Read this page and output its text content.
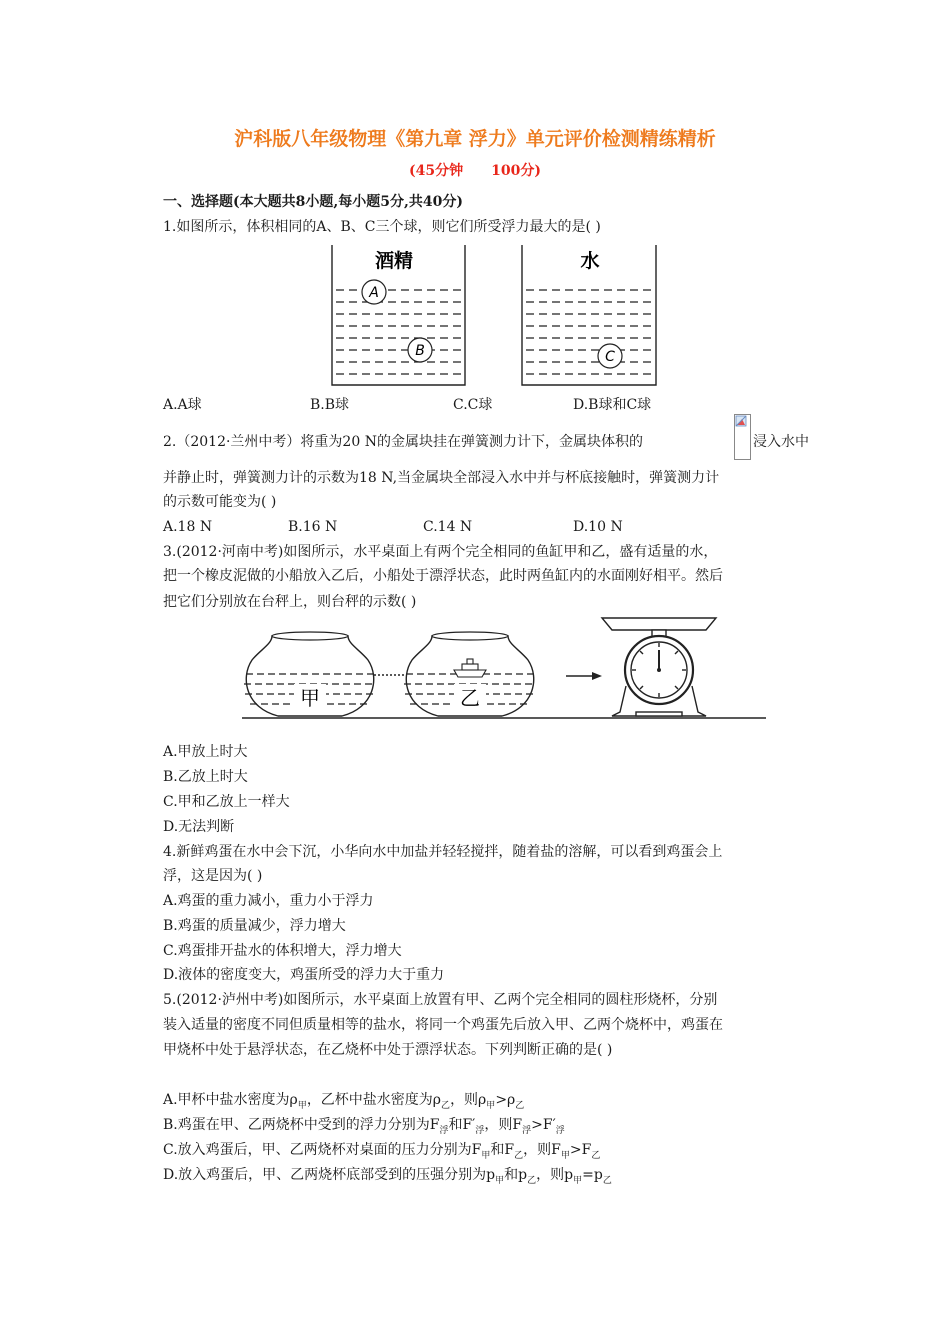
沪科版八年级物理《第九章 浮力》单元评价检测精练精析
(45分钟 100分)
一、选择题(本大题共8小题,每小题5分,共40分)
1.如图所示，体积相同的A、B、C三个球，则它们所受浮力最大的是( )
A
B	C
酒精	水
A.A球	B.B球	C.C球	D.B球和C球
2.（2012·兰州中考）将重为20 N的金属块挂在弹簧测力计下，金属块体积的	浸入水中
并静止时，弹簧测力计的示数为18 N,当金属块全部浸入水中并与杯底接触时，弹簧测力计
的示数可能变为( )
A.18 N	B.16 N	C.14 N	D.10 N
3.(2012·河南中考)如图所示，水平桌面上有两个完全相同的鱼缸甲和乙，盛有适量的水，
把一个橡皮泥做的小船放入乙后，小船处于漂浮状态，此时两鱼缸内的水面刚好相平。然后
把它们分别放在台秤上，则台秤的示数( )
甲	乙
A.甲放上时大
B.乙放上时大
C.甲和乙放上一样大
D.无法判断
4.新鲜鸡蛋在水中会下沉，小华向水中加盐并轻轻搅拌，随着盐的溶解，可以看到鸡蛋会上
浮，这是因为( )
A.鸡蛋的重力减小，重力小于浮力
B.鸡蛋的质量减少，浮力增大
C.鸡蛋排开盐水的体积增大，浮力增大
D.液体的密度变大，鸡蛋所受的浮力大于重力
5.(2012·泸州中考)如图所示，水平桌面上放置有甲、乙两个完全相同的圆柱形烧杯，分别
装入适量的密度不同但质量相等的盐水，将同一个鸡蛋先后放入甲、乙两个烧杯中，鸡蛋在
甲烧杯中处于悬浮状态，在乙烧杯中处于漂浮状态。下列判断正确的是( )
A.甲杯中盐水密度为$\rho_甲$，乙杯中盐水密度为$\rho_乙$，则$\rho_甲>\rho_乙$
B.鸡蛋在甲、乙两烧杯中受到的浮力分别为$F_浮$和$F'_浮$，则$F_浮>F'_浮$
C.放入鸡蛋后，甲、乙两烧杯对桌面的压力分别为$F_甲$和$F_乙$，则$F_甲>F_乙$
D.放入鸡蛋后，甲、乙两烧杯底部受到的压强分别为$p_甲$和$p_乙$，则$p_甲=p_乙$
